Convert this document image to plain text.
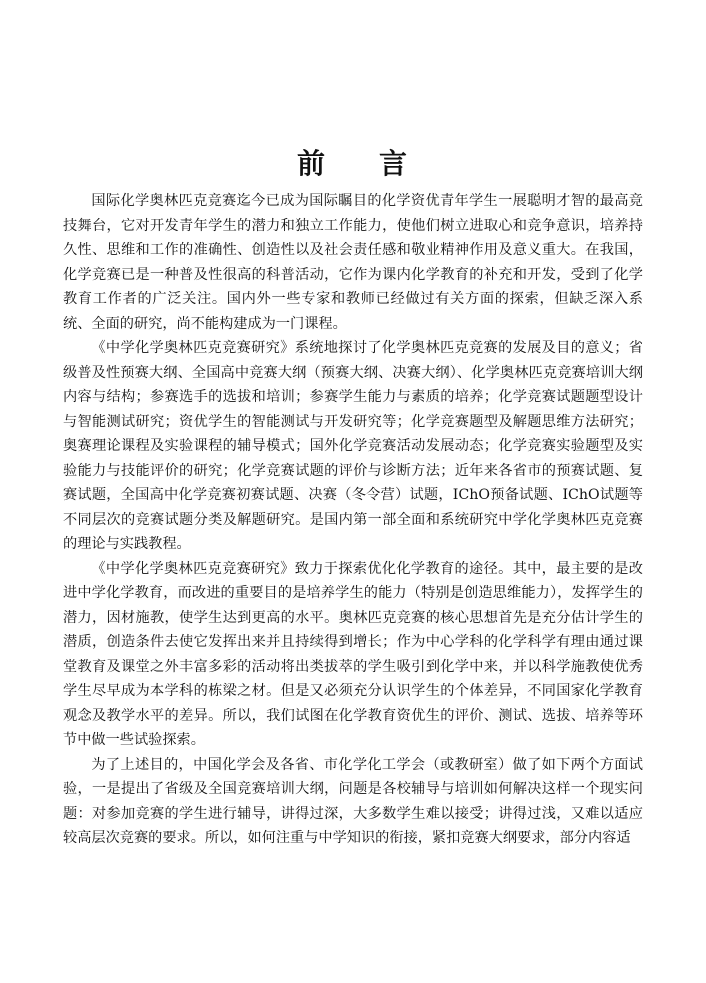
前 言

国际化学奥林匹克竞赛迄今已成为国际瞩目的化学资优青年学生一展聪明才智的最高竞技舞台，它对开发青年学生的潜力和独立工作能力，使他们树立进取心和竞争意识，培养持久性、思维和工作的准确性、创造性以及社会责任感和敬业精神作用及意义重大。在我国，化学竞赛已是一种普及性很高的科普活动，它作为课内化学教育的补充和开发，受到了化学教育工作者的广泛关注。国内外一些专家和教师已经做过有关方面的探索，但缺乏深入系统、全面的研究，尚不能构建成为一门课程。

《中学化学奥林匹克竞赛研究》系统地探讨了化学奥林匹克竞赛的发展及目的意义；省级普及性预赛大纲、全国高中竞赛大纲（预赛大纲、决赛大纲）、化学奥林匹克竞赛培训大纲内容与结构；参赛选手的选拔和培训；参赛学生能力与素质的培养；化学竞赛试题题型设计与智能测试研究；资优学生的智能测试与开发研究等；化学竞赛题型及解题思维方法研究；奥赛理论课程及实验课程的辅导模式；国外化学竞赛活动发展动态；化学竞赛实验题型及实验能力与技能评价的研究；化学竞赛试题的评价与诊断方法；近年来各省市的预赛试题、复赛试题，全国高中化学竞赛初赛试题、决赛（冬令营）试题，IChO预备试题、IChO试题等不同层次的竞赛试题分类及解题研究。是国内第一部全面和系统研究中学化学奥林匹克竞赛的理论与实践教程。

《中学化学奥林匹克竞赛研究》致力于探索优化化学教育的途径。其中，最主要的是改进中学化学教育，而改进的重要目的是培养学生的能力（特别是创造思维能力），发挥学生的潜力，因材施教，使学生达到更高的水平。奥林匹克竞赛的核心思想首先是充分估计学生的潜质，创造条件去使它发挥出来并且持续得到增长；作为中心学科的化学科学有理由通过课堂教育及课堂之外丰富多彩的活动将出类拔萃的学生吸引到化学中来，并以科学施教使优秀学生尽早成为本学科的栋梁之材。但是又必须充分认识学生的个体差异，不同国家化学教育观念及教学水平的差异。所以，我们试图在化学教育资优生的评价、测试、选拔、培养等环节中做一些试验探索。

为了上述目的，中国化学会及各省、市化学化工学会（或教研室）做了如下两个方面试验，一是提出了省级及全国竞赛培训大纲，问题是各校辅导与培训如何解决这样一个现实问题：对参加竞赛的学生进行辅导，讲得过深，大多数学生难以接受；讲得过浅，又难以适应较高层次竞赛的要求。所以，如何注重与中学知识的衔接，紧扣竞赛大纲要求，部分内容适
